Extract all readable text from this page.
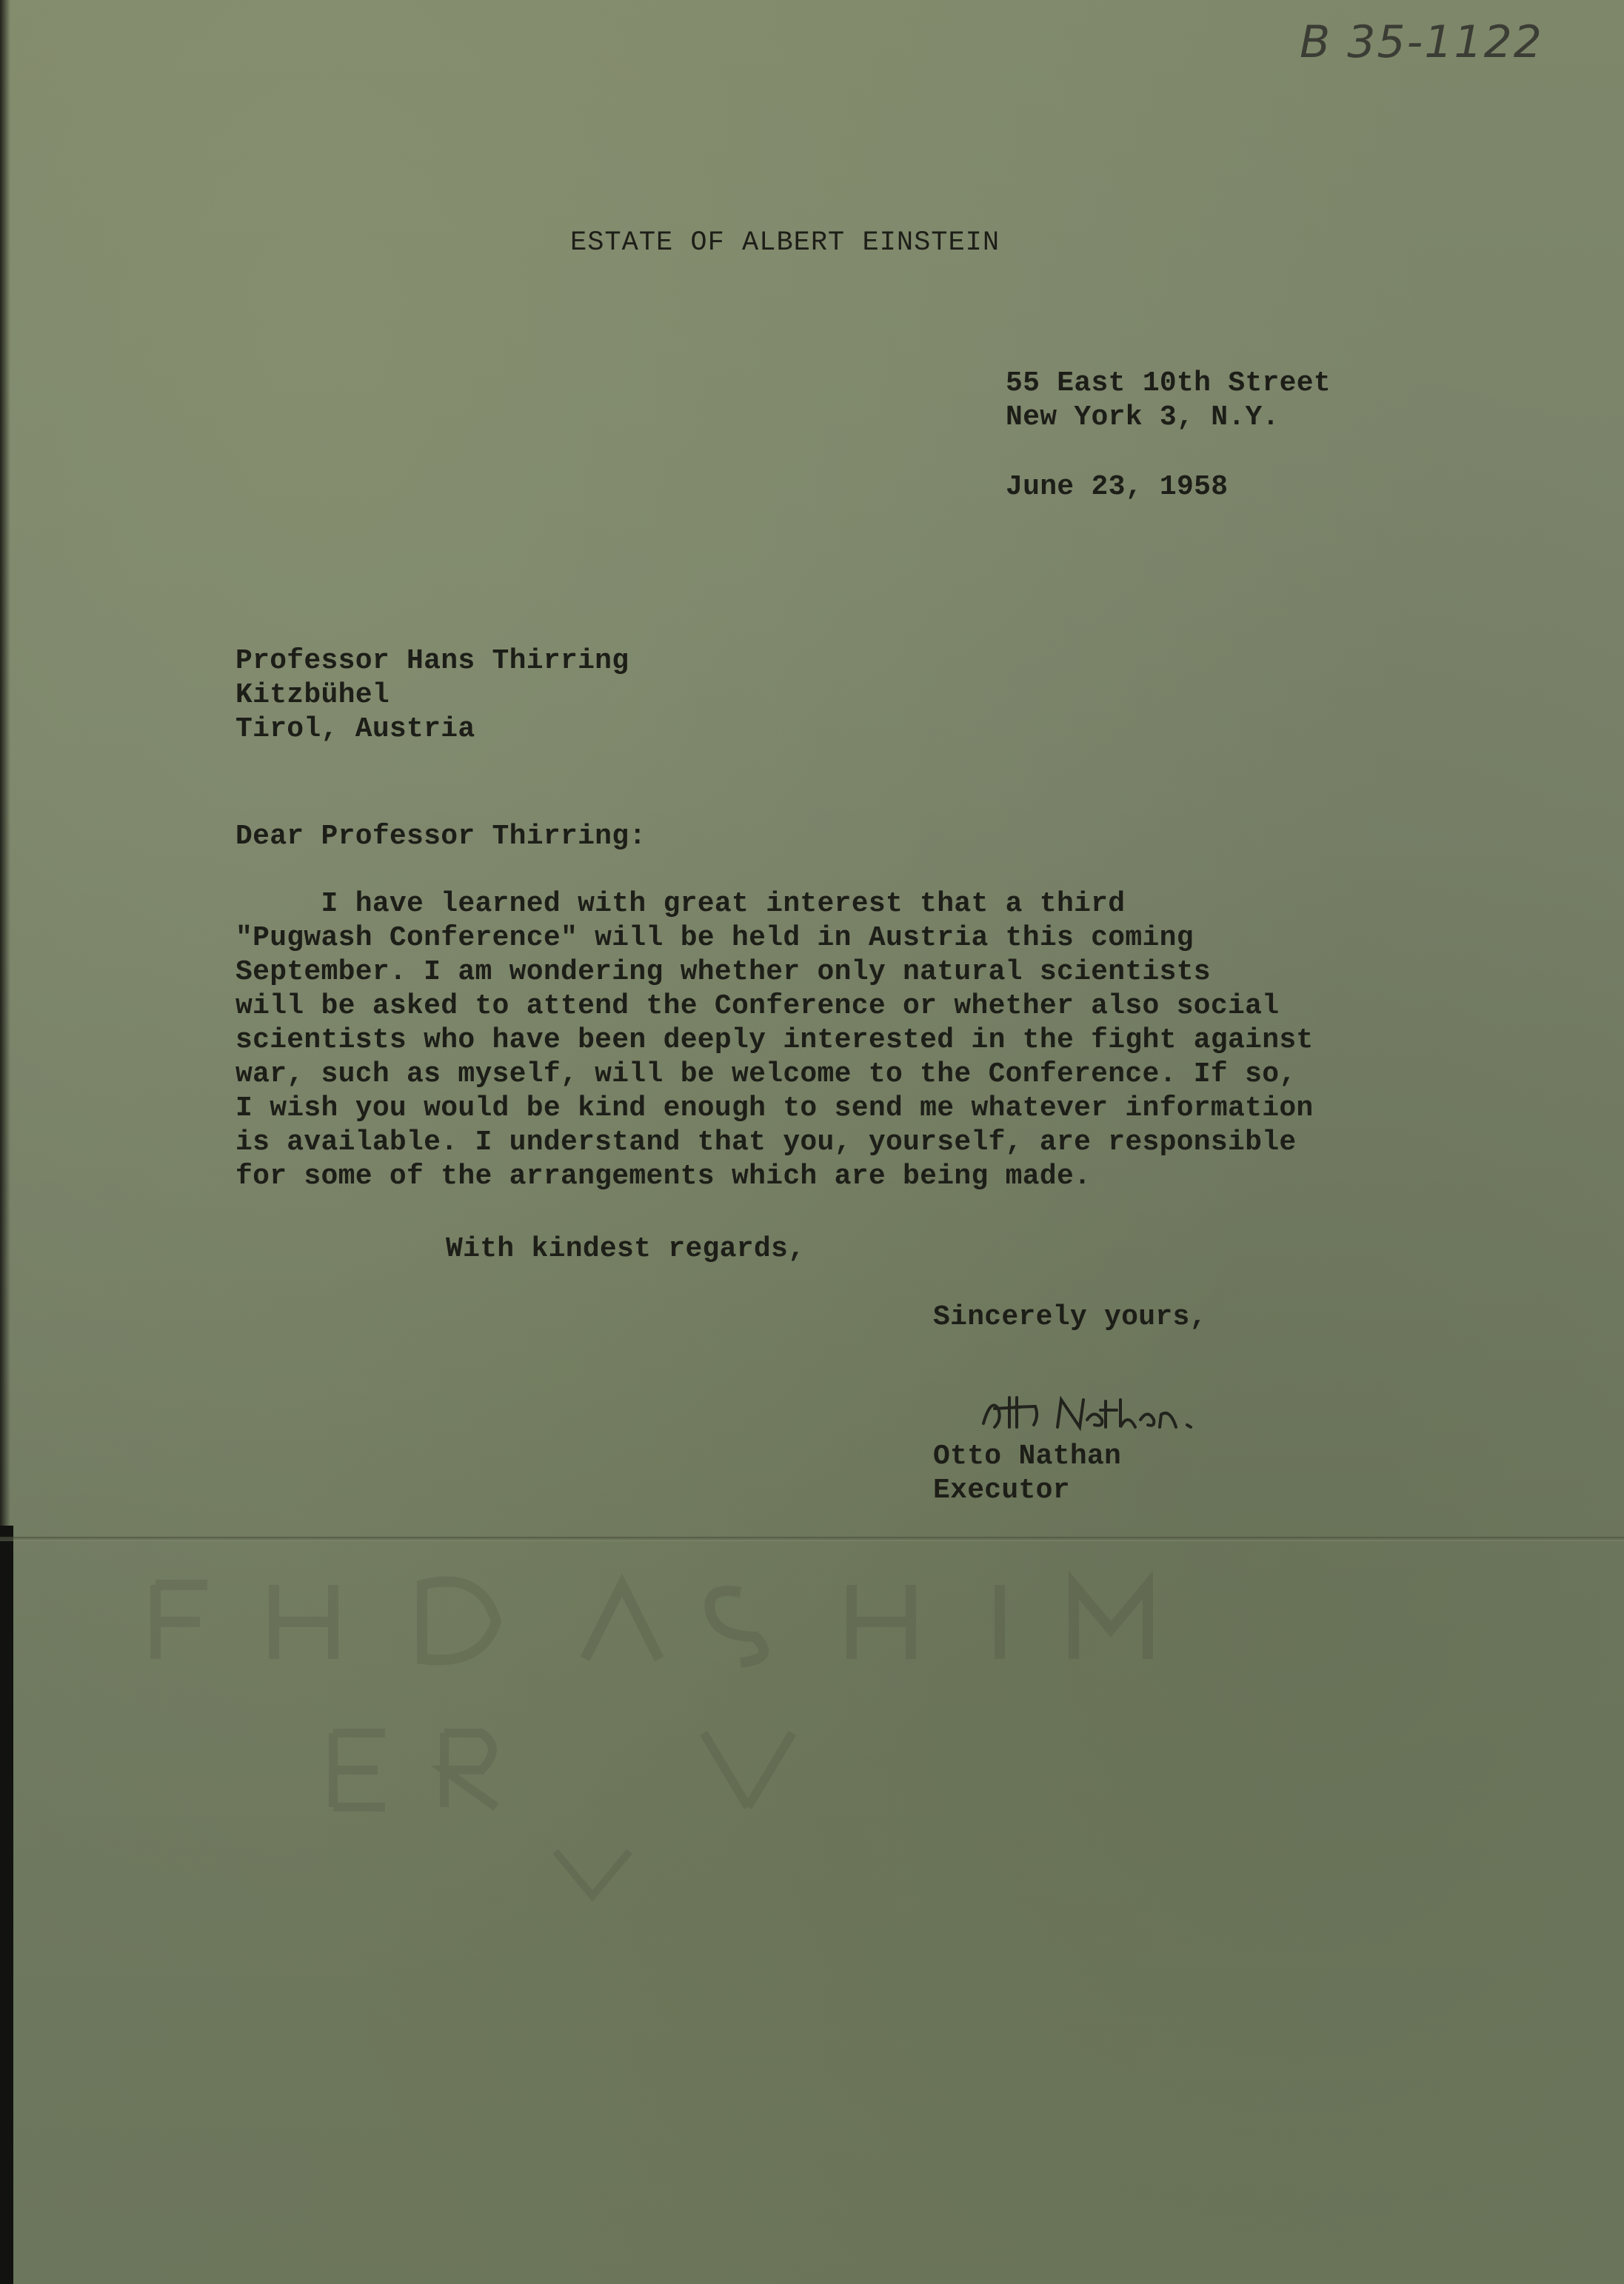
B 35-1122
ESTATE OF ALBERT EINSTEIN
55 East 10th Street
New York 3, N.Y.
June 23, 1958
Professor Hans Thirring
Kitzbühel
Tirol, Austria
Dear Professor Thirring:
I have learned with great interest that a third
"Pugwash Conference" will be held in Austria this coming
September. I am wondering whether only natural scientists
will be asked to attend the Conference or whether also social
scientists who have been deeply interested in the fight against
war, such as myself, will be welcome to the Conference. If so,
I wish you would be kind enough to send me whatever information
is available. I understand that you, yourself, are responsible
for some of the arrangements which are being made.
With kindest regards,
Sincerely yours,
Otto Nathan
Executor
